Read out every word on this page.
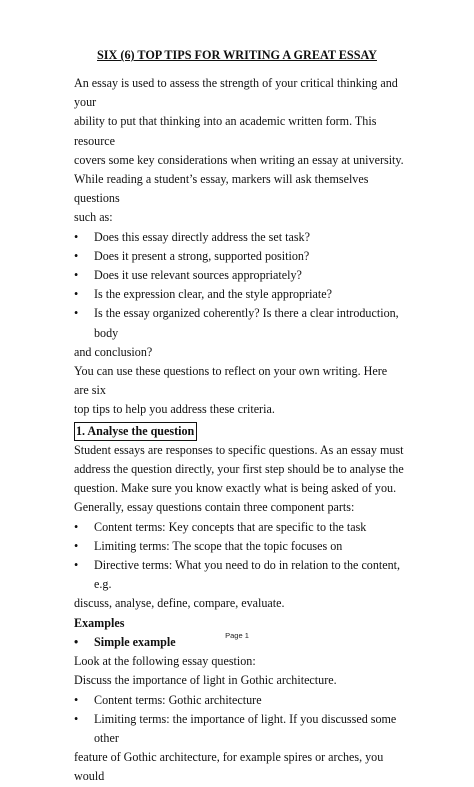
SIX (6) TOP TIPS FOR WRITING A GREAT ESSAY

An essay is used to assess the strength of your critical thinking and your

ability to put that thinking into an academic written form. This resource

covers some key considerations when writing an essay at university.

While reading a student’s essay, markers will ask themselves questions

such as:

•	Does this essay directly address the set task?
•	Does it present a strong, supported position?
•	Does it use relevant sources appropriately?
•	Is the expression clear, and the style appropriate?
•	Is the essay organized coherently? Is there a clear introduction, body

and conclusion?

You can use these questions to reflect on your own writing. Here are six

top tips to help you address these criteria.

1. Analyse the question

Student essays are responses to specific questions. As an essay must

address the question directly, your first step should be to analyse the

question. Make sure you know exactly what is being asked of you.

Generally, essay questions contain three component parts:

•	Content terms: Key concepts that are specific to the task
•	Limiting terms: The scope that the topic focuses on
•	Directive terms: What you need to do in relation to the content, e.g.

discuss, analyse, define, compare, evaluate.

Examples

•	Simple example

Look at the following essay question:

Discuss the importance of light in Gothic architecture.

•	Content terms: Gothic architecture
•	Limiting terms: the importance of light. If you discussed some other

feature of Gothic architecture, for example spires or arches, you would

Page 1
